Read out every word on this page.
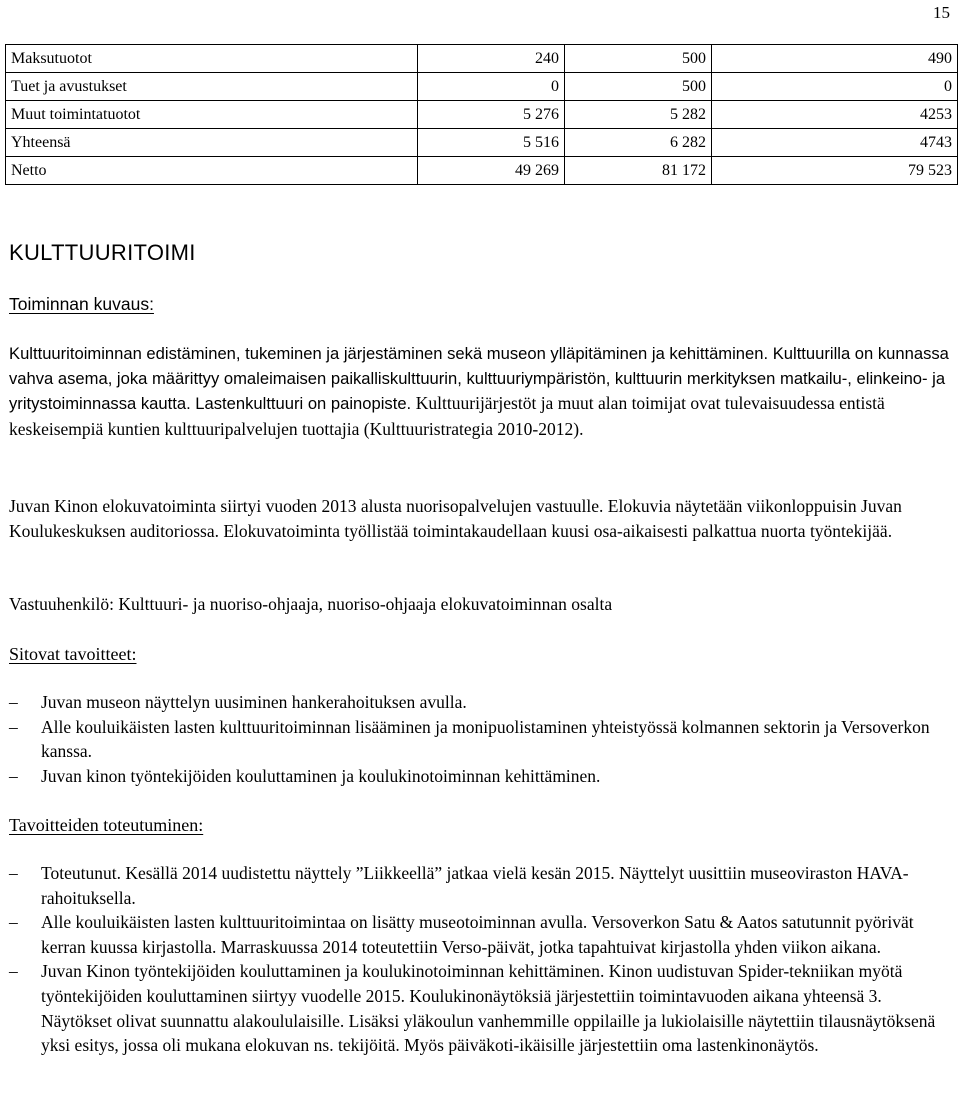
15
Maksutuotot	240	500	490
Tuet ja avustukset	0	500	0
Muut toimintatuotot	5 276	5 282	4253
Yhteensä	5 516	6 282	4743
Netto	49 269	81 172	79 523
KULTTUURITOIMI
Toiminnan kuvaus:
Kulttuuritoiminnan edistäminen, tukeminen ja järjestäminen sekä museon ylläpitäminen ja kehittäminen. Kulttuurilla on kunnassa vahva asema, joka määrittyy omaleimaisen paikalliskulttuurin, kulttuuriympäristön, kulttuurin merkityksen matkailu-, elinkeino- ja yritystoiminnassa kautta. Lastenkulttuuri on painopiste. Kulttuurijärjestöt ja muut alan toimijat ovat tulevaisuudessa entistä keskeisempiä kuntien kulttuuripalvelujen tuottajia (Kulttuuristrategia 2010-2012).
Juvan Kinon elokuvatoiminta siirtyi vuoden 2013 alusta nuorisopalvelujen vastuulle. Elokuvia näytetään viikonloppuisin Juvan Koulukeskuksen auditoriossa. Elokuvatoiminta työllistää toimintakaudellaan kuusi osa-aikaisesti palkattua nuorta työntekijää.
Vastuuhenkilö: Kulttuuri- ja nuoriso-ohjaaja, nuoriso-ohjaaja elokuvatoiminnan osalta
Sitovat tavoitteet:
– Juvan museon näyttelyn uusiminen hankerahoituksen avulla.
– Alle kouluikäisten lasten kulttuuritoiminnan lisääminen ja monipuolistaminen yhteistyössä kolmannen sektorin ja Versoverkon kanssa.
– Juvan kinon työntekijöiden kouluttaminen ja koulukinotoiminnan kehittäminen.
Tavoitteiden toteutuminen:
– Toteutunut. Kesällä 2014 uudistettu näyttely ”Liikkeellä” jatkaa vielä kesän 2015. Näyttelyt uusittiin museoviraston HAVA-rahoituksella.
– Alle kouluikäisten lasten kulttuuritoimintaa on lisätty museotoiminnan avulla. Versoverkon Satu & Aatos satutunnit pyörivät kerran kuussa kirjastolla. Marraskuussa 2014 toteutettiin Verso-päivät, jotka tapahtuivat kirjastolla yhden viikon aikana.
– Juvan Kinon työntekijöiden kouluttaminen ja koulukinotoiminnan kehittäminen. Kinon uudistuvan Spider-tekniikan myötä työntekijöiden kouluttaminen siirtyy vuodelle 2015. Koulukinonäytöksiä järjestettiin toimintavuoden aikana yhteensä 3. Näytökset olivat suunnattu alakoululaisille. Lisäksi yläkoulun vanhemmille oppilaille ja lukiolaisille näytettiin tilausnäytöksenä yksi esitys, jossa oli mukana elokuvan ns. tekijöitä. Myös päiväkoti-ikäisille järjestettiin oma lastenkinonäytös.
